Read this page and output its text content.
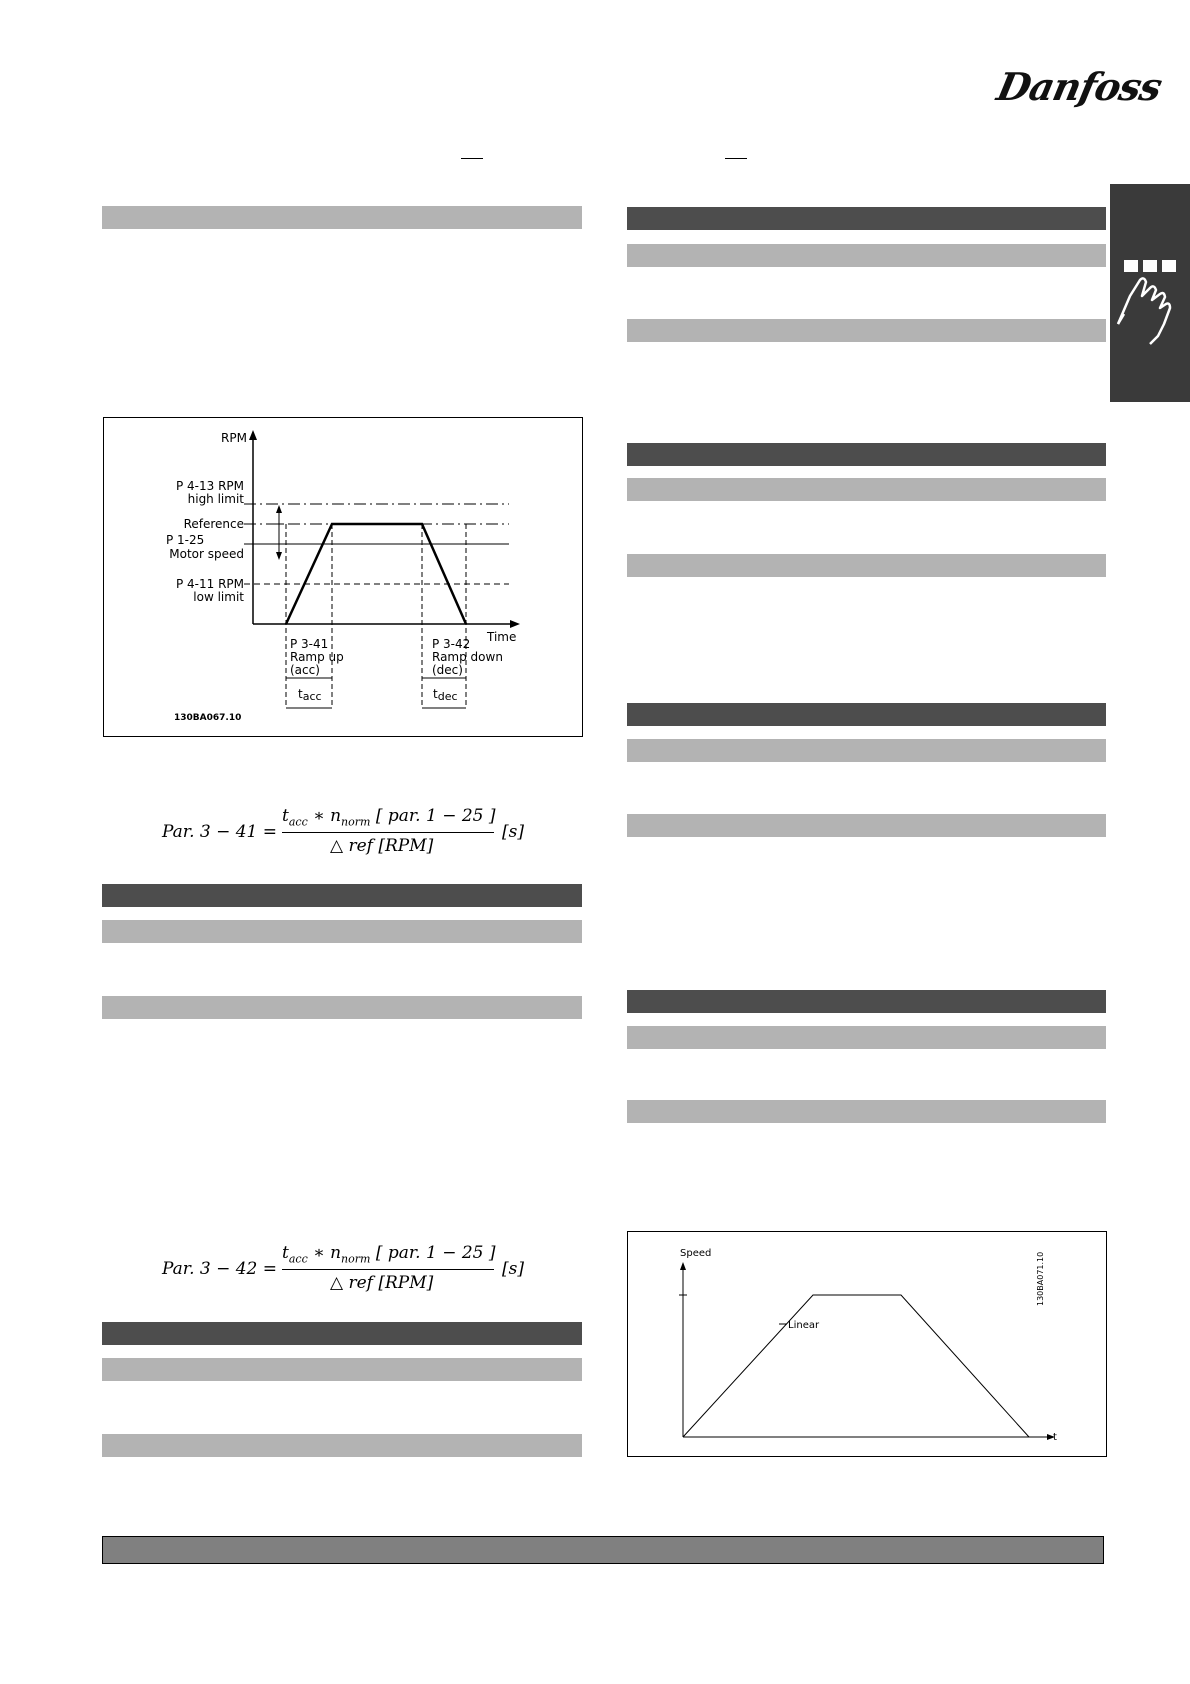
Danfoss
RPM
P 4-13 RPM
high limit
Reference
P 1-25
Motor speed
P 4-11 RPM
low limit
Time
P 3-41
Ramp up
(acc)
P 3-42
Ramp down
(dec)
tacc	tdec
130BA067.10
Par. 3 − 41 =
$t_{acc}$ ∗ $n_{norm}$ [ par. 1 − 25 ]
△ ref [RPM]
[s]
Par. 3 − 42 =
$t_{acc}$ ∗ $n_{norm}$ [ par. 1 − 25 ]
△ ref [RPM]
[s]
Speed
Linear
t
130BA071.10
